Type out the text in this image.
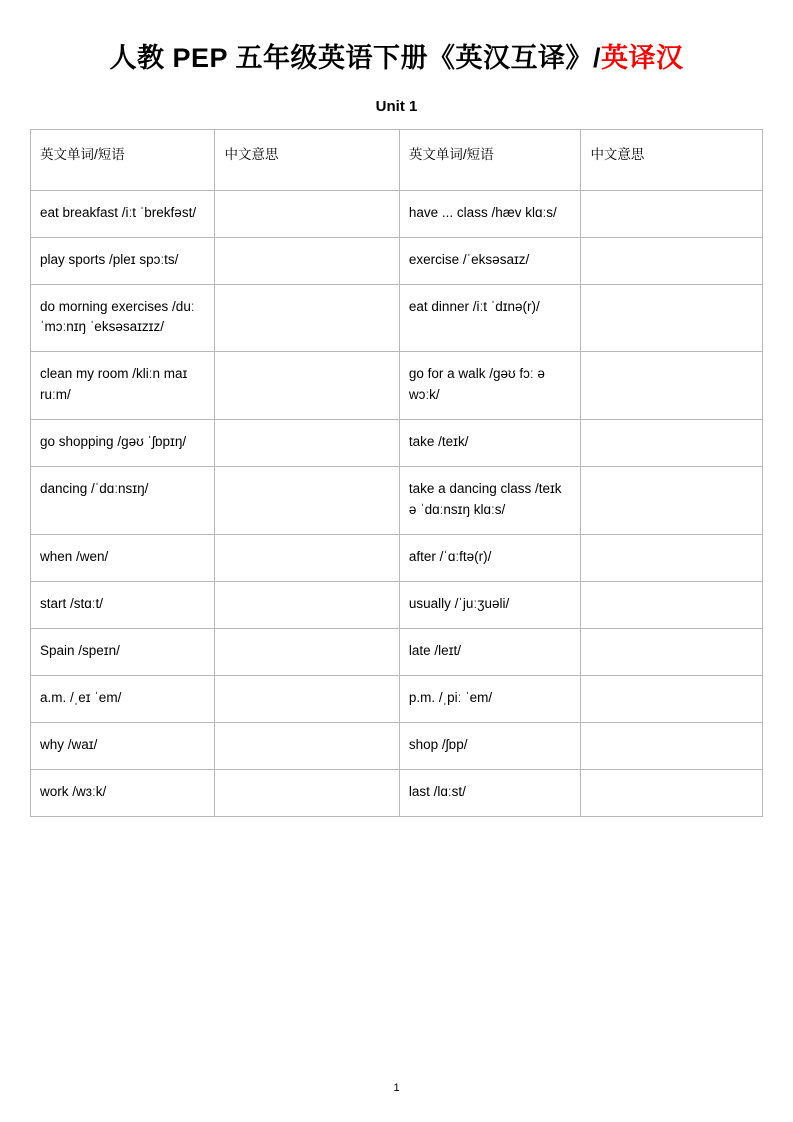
人教 PEP 五年级英语下册《英汉互译》/英译汉
Unit 1
英文单词/短语	中文意思	英文单词/短语	中文意思
eat breakfast /iːt ˈbrekfəst/		have ... class /hæv klɑːs/	
play sports /pleɪ spɔːts/		exercise /ˈeksəsaɪz/	
do morning exercises /duː ˈmɔːnɪŋ ˈeksəsaɪzɪz/		eat dinner /iːt ˈdɪnə(r)/	
clean my room /kliːn maɪ ruːm/		go for a walk /gəʊ fɔː ə wɔːk/	
go shopping /gəʊ ˈʃɒpɪŋ/		take /teɪk/	
dancing /ˈdɑːnsɪŋ/		take a dancing class /teɪk ə ˈdɑːnsɪŋ klɑːs/	
when /wen/		after /ˈɑːftə(r)/	
start /stɑːt/		usually /ˈjuːʒuəli/	
Spain /speɪn/		late /leɪt/	
a.m. /ˌeɪ ˈem/		p.m. /ˌpiː ˈem/	
why /waɪ/		shop /ʃɒp/	
work /wɜːk/		last /lɑːst/	
1
